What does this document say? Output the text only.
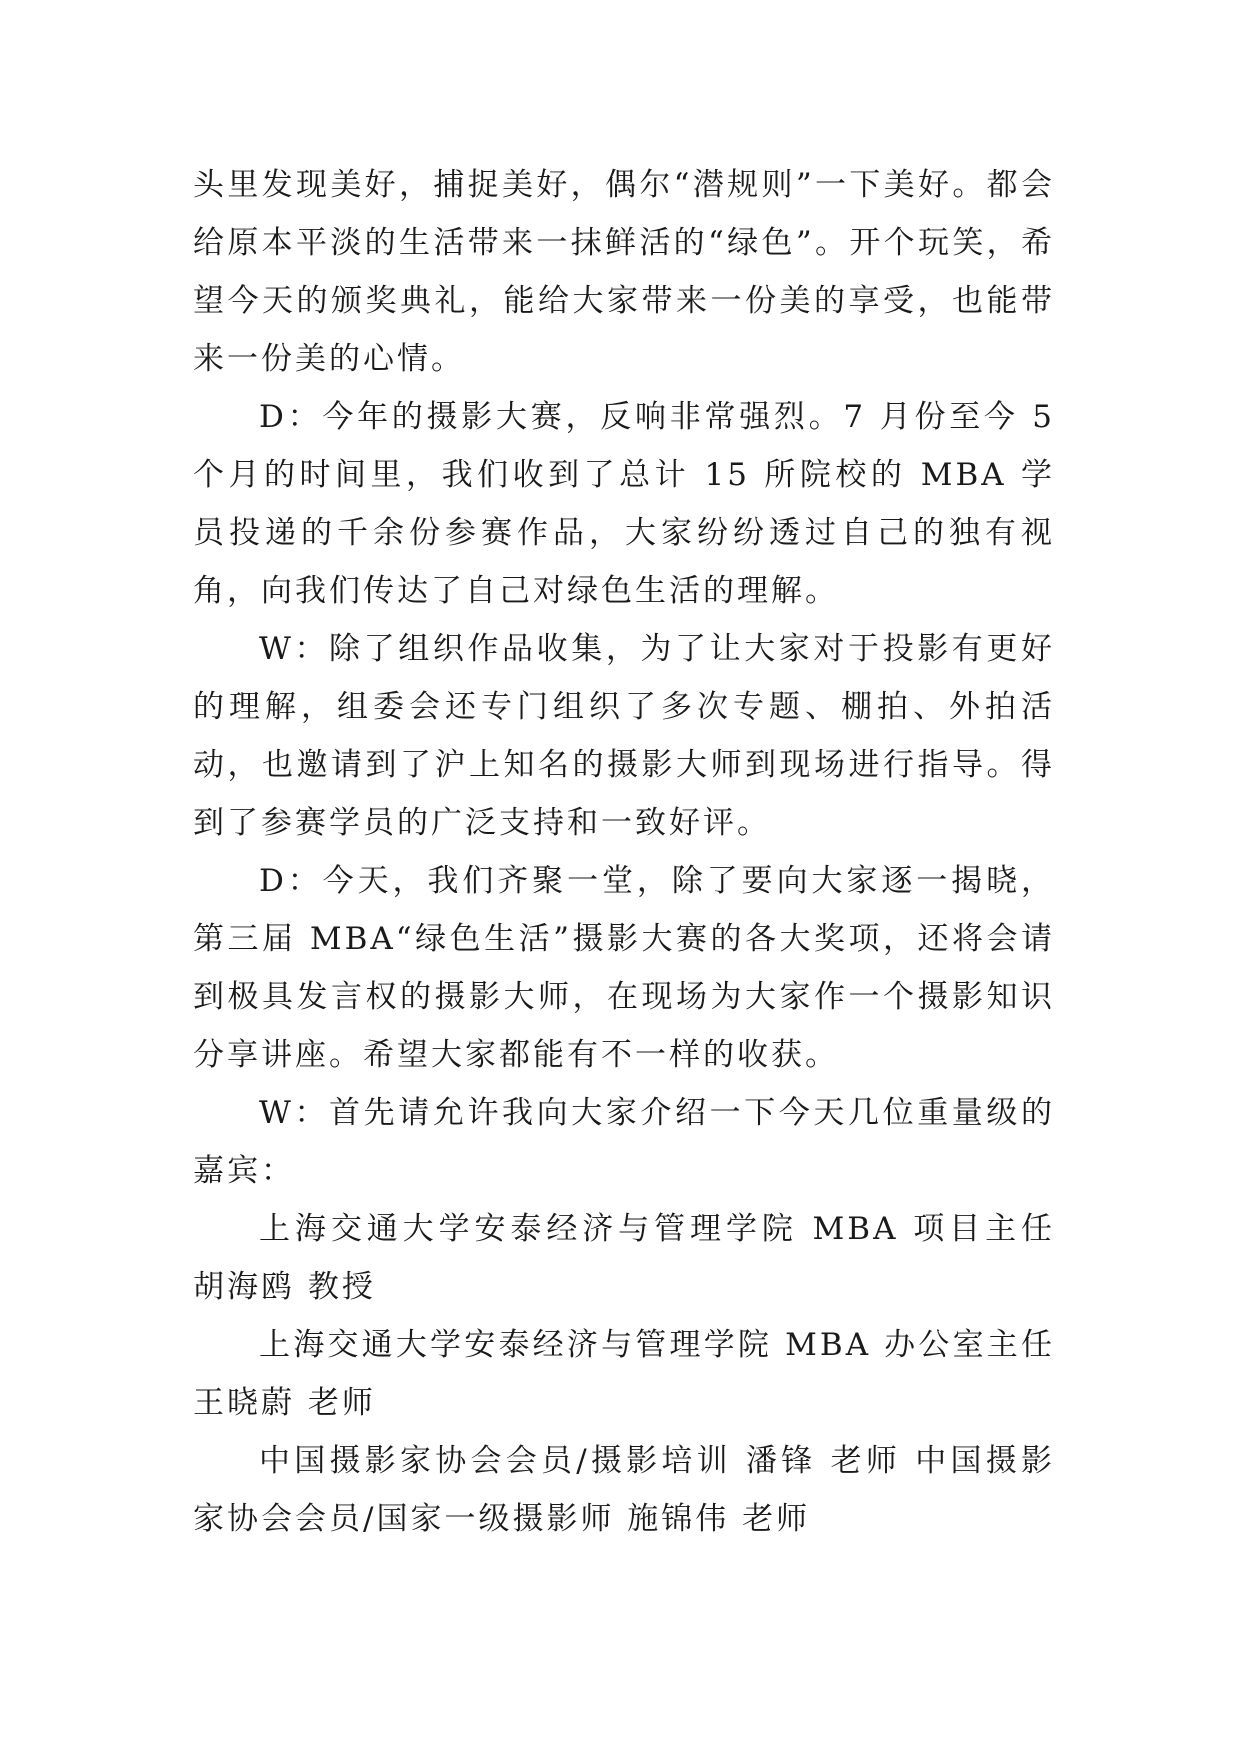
头里发现美好，捕捉美好，偶尔“潜规则”一下美好。都会给原本平淡的生活带来一抹鲜活的“绿色”。开个玩笑，希望今天的颁奖典礼，能给大家带来一份美的享受，也能带来一份美的心情。

D：今年的摄影大赛，反响非常强烈。7 月份至今 5 个月的时间里，我们收到了总计 15 所院校的 MBA 学员投递的千余份参赛作品，大家纷纷透过自己的独有视角，向我们传达了自己对绿色生活的理解。

W：除了组织作品收集，为了让大家对于投影有更好的理解，组委会还专门组织了多次专题、棚拍、外拍活动，也邀请到了沪上知名的摄影大师到现场进行指导。得到了参赛学员的广泛支持和一致好评。

D：今天，我们齐聚一堂，除了要向大家逐一揭晓，第三届 MBA“绿色生活”摄影大赛的各大奖项，还将会请到极具发言权的摄影大师，在现场为大家作一个摄影知识分享讲座。希望大家都能有不一样的收获。

W：首先请允许我向大家介绍一下今天几位重量级的嘉宾：

上海交通大学安泰经济与管理学院 MBA 项目主任 胡海鸥 教授

上海交通大学安泰经济与管理学院 MBA 办公室主任 王晓蔚 老师

中国摄影家协会会员/摄影培训 潘锋 老师 中国摄影家协会会员/国家一级摄影师 施锦伟 老师
